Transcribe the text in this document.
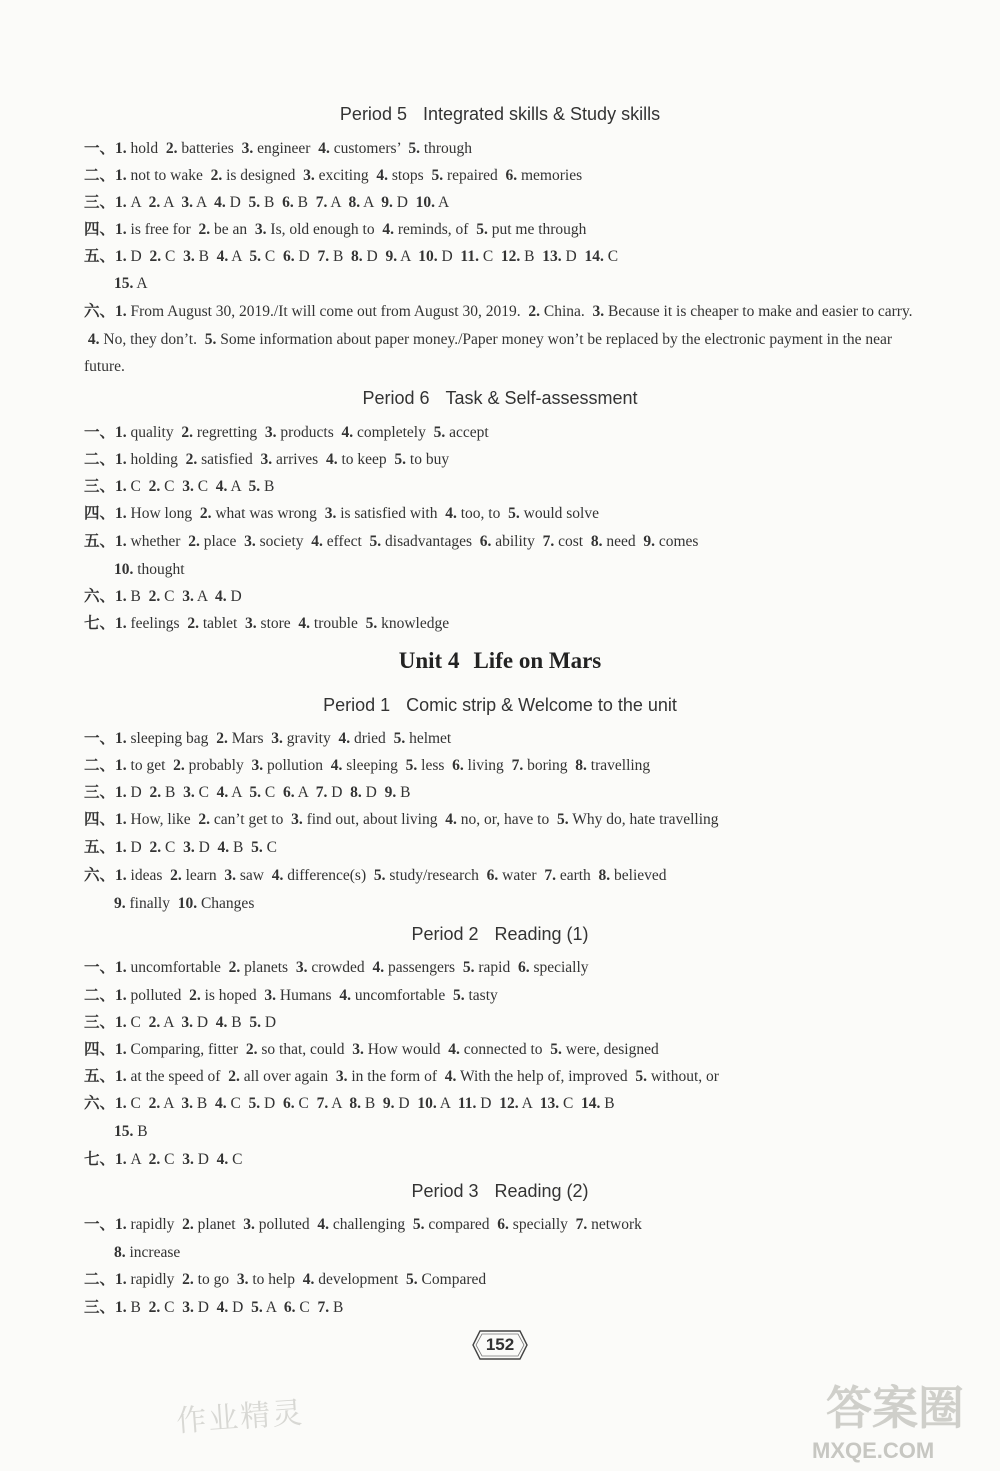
Period 5 Integrated skills & Study skills
一、1. hold  2. batteries  3. engineer  4. customers’  5. through
二、1. not to wake  2. is designed  3. exciting  4. stops  5. repaired  6. memories
三、1. A  2. A  3. A  4. D  5. B  6. B  7. A  8. A  9. D  10. A
四、1. is free for  2. be an  3. Is, old enough to  4. reminds, of  5. put me through
五、1. D  2. C  3. B  4. A  5. C  6. D  7. B  8. D  9. A  10. D  11. C  12. B  13. D  14. C
15. A
六、1. From August 30, 2019./It will come out from August 30, 2019.  2. China.  3. Because it is cheaper to make and easier to carry.  4. No, they don’t.  5. Some information about paper money./Paper money won’t be replaced by the electronic payment in the near future.
Period 6 Task & Self-assessment
一、1. quality  2. regretting  3. products  4. completely  5. accept
二、1. holding  2. satisfied  3. arrives  4. to keep  5. to buy
三、1. C  2. C  3. C  4. A  5. B
四、1. How long  2. what was wrong  3. is satisfied with  4. too, to  5. would solve
五、1. whether  2. place  3. society  4. effect  5. disadvantages  6. ability  7. cost  8. need  9. comes
10. thought
六、1. B  2. C  3. A  4. D
七、1. feelings  2. tablet  3. store  4. trouble  5. knowledge
Unit 4 Life on Mars
Period 1 Comic strip & Welcome to the unit
一、1. sleeping bag  2. Mars  3. gravity  4. dried  5. helmet
二、1. to get  2. probably  3. pollution  4. sleeping  5. less  6. living  7. boring  8. travelling
三、1. D  2. B  3. C  4. A  5. C  6. A  7. D  8. D  9. B
四、1. How, like  2. can’t get to  3. find out, about living  4. no, or, have to  5. Why do, hate travelling
五、1. D  2. C  3. D  4. B  5. C
六、1. ideas  2. learn  3. saw  4. difference(s)  5. study/research  6. water  7. earth  8. believed
9. finally  10. Changes
Period 2 Reading (1)
一、1. uncomfortable  2. planets  3. crowded  4. passengers  5. rapid  6. specially
二、1. polluted  2. is hoped  3. Humans  4. uncomfortable  5. tasty
三、1. C  2. A  3. D  4. B  5. D
四、1. Comparing, fitter  2. so that, could  3. How would  4. connected to  5. were, designed
五、1. at the speed of  2. all over again  3. in the form of  4. With the help of, improved  5. without, or
六、1. C  2. A  3. B  4. C  5. D  6. C  7. A  8. B  9. D  10. A  11. D  12. A  13. C  14. B
15. B
七、1. A  2. C  3. D  4. C
Period 3 Reading (2)
一、1. rapidly  2. planet  3. polluted  4. challenging  5. compared  6. specially  7. network
8. increase
二、1. rapidly  2. to go  3. to help  4. development  5. Compared
三、1. B  2. C  3. D  4. D  5. A  6. C  7. B
152
作业精灵	答案圈
MXQE.COM
